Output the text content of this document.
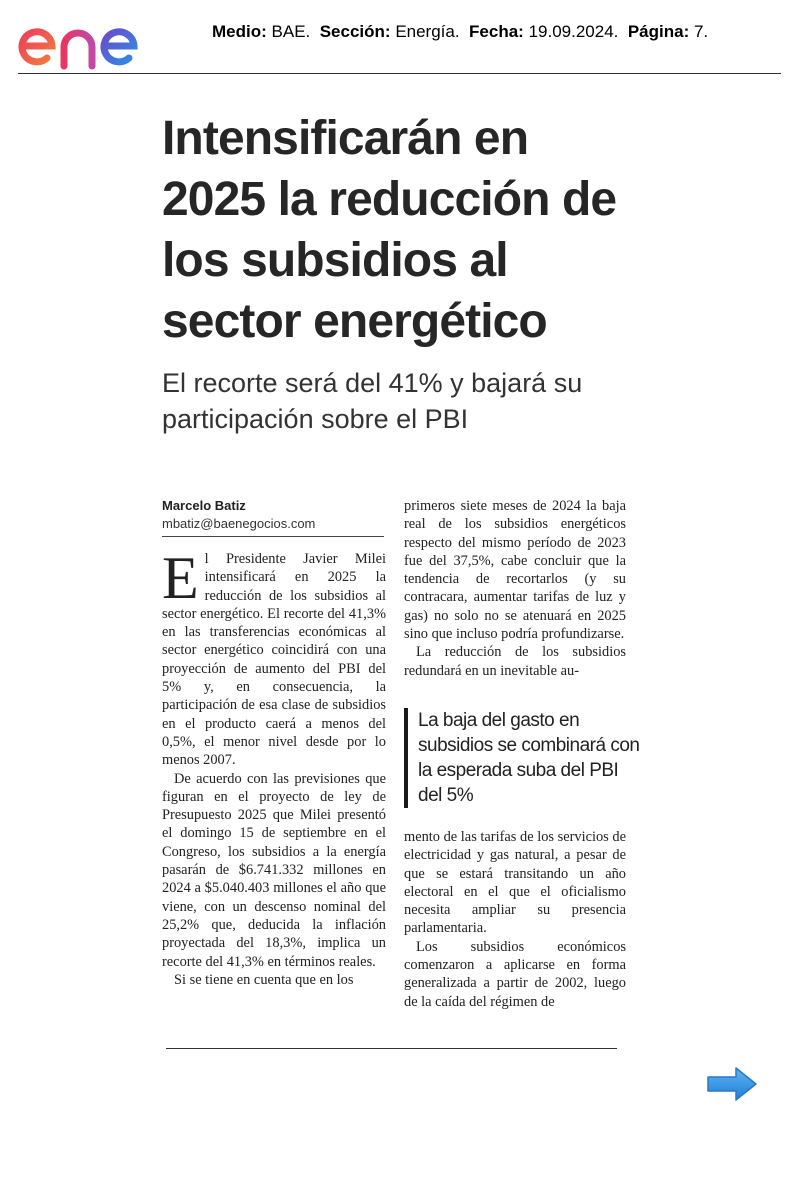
Medio: BAE. Sección: Energía. Fecha: 19.09.2024. Página: 7.
Intensificarán en 2025 la reducción de los subsidios al sector energético
El recorte será del 41% y bajará su participación sobre el PBI
Marcelo Batiz
mbatiz@baenegocios.com

El Presidente Javier Milei intensificará en 2025 la reducción de los subsidios al sector energético. El recorte del 41,3% en las transferencias económicas al sector energético coincidirá con una proyección de aumento del PBI del 5% y, en consecuencia, la participación de esa clase de subsidios en el producto caerá a menos del 0,5%, el menor nivel desde por lo menos 2007.

De acuerdo con las previsiones que figuran en el proyecto de ley de Presupuesto 2025 que Milei presentó el domingo 15 de septiembre en el Congreso, los subsidios a la energía pasarán de $6.741.332 millones en 2024 a $5.040.403 millones el año que viene, con un descenso nominal del 25,2% que, deducida la inflación proyectada del 18,3%, implica un recorte del 41,3% en términos reales.

Si se tiene en cuenta que en los

primeros siete meses de 2024 la baja real de los subsidios energéticos respecto del mismo período de 2023 fue del 37,5%, cabe concluir que la tendencia de recortarlos (y su contracara, aumentar tarifas de luz y gas) no solo no se atenuará en 2025 sino que incluso podría profundizarse.

La reducción de los subsidios redundará en un inevitable au-

La baja del gasto en subsidios se combinará con la esperada suba del PBI del 5%

mento de las tarifas de los servicios de electricidad y gas natural, a pesar de que se estará transitando un año electoral en el que el oficialismo necesita ampliar su presencia parlamentaria.

Los subsidios económicos comenzaron a aplicarse en forma generalizada a partir de 2002, luego de la caída del régimen de
